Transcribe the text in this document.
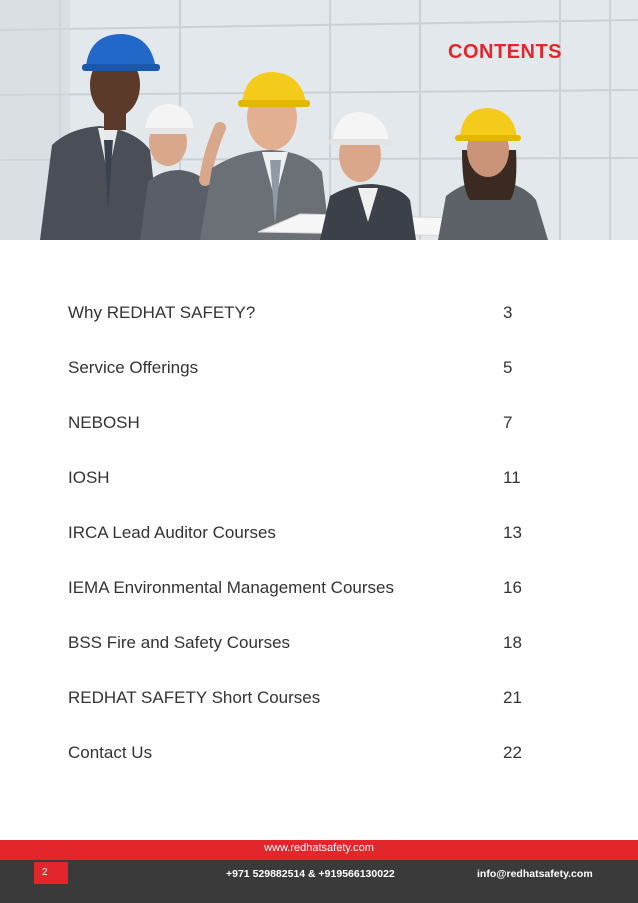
CONTENTS
Why REDHAT SAFETY?	3
Service Offerings	5
NEBOSH	7
IOSH	11
IRCA Lead Auditor Courses	13
IEMA Environmental Management Courses	16
BSS Fire and Safety Courses	18
REDHAT SAFETY Short Courses	21
Contact Us	22
www.redhatsafety.com
2	+971 529882514 & +919566130022	info@redhatsafety.com
